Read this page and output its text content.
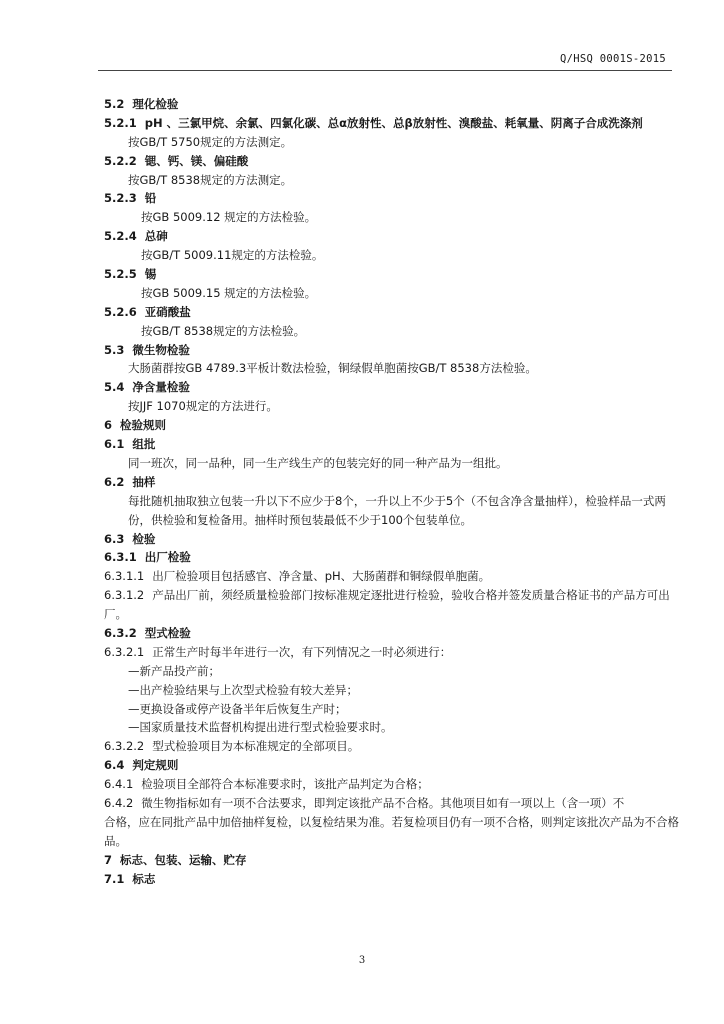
Q/HSQ 0001S-2015
5.2 理化检验
5.2.1 pH 、三氯甲烷、余氯、四氯化碳、总α放射性、总β放射性、溴酸盐、耗氧量、阴离子合成洗涤剂
按GB/T 5750规定的方法测定。
5.2.2 锶、钙、镁、偏硅酸
按GB/T 8538规定的方法测定。
5.2.3 铅
按GB 5009.12 规定的方法检验。
5.2.4 总砷
按GB/T 5009.11规定的方法检验。
5.2.5 锡
按GB 5009.15 规定的方法检验。
5.2.6 亚硝酸盐
按GB/T 8538规定的方法检验。
5.3 微生物检验
大肠菌群按GB 4789.3平板计数法检验，铜绿假单胞菌按GB/T 8538方法检验。
5.4 净含量检验
按JJF 1070规定的方法进行。
6 检验规则
6.1 组批
同一班次，同一品种，同一生产线生产的包装完好的同一种产品为一组批。
6.2 抽样
每批随机抽取独立包装一升以下不应少于8个，一升以上不少于5个（不包含净含量抽样），检验样品一式两份，供检验和复检备用。抽样时预包装最低不少于100个包装单位。
6.3 检验
6.3.1 出厂检验
6.3.1.1 出厂检验项目包括感官、净含量、pH、大肠菌群和铜绿假单胞菌。
6.3.1.2 产品出厂前，须经质量检验部门按标准规定逐批进行检验，验收合格并签发质量合格证书的产品方可出厂。
6.3.2 型式检验
6.3.2.1 正常生产时每半年进行一次，有下列情况之一时必须进行：
—新产品投产前；
—出产检验结果与上次型式检验有较大差异；
—更换设备或停产设备半年后恢复生产时；
—国家质量技术监督机构提出进行型式检验要求时。
6.3.2.2 型式检验项目为本标准规定的全部项目。
6.4 判定规则
6.4.1 检验项目全部符合本标准要求时，该批产品判定为合格；
6.4.2 微生物指标如有一项不合法要求，即判定该批产品不合格。其他项目如有一项以上（含一项）不
合格，应在同批产品中加倍抽样复检，以复检结果为准。若复检项目仍有一项不合格，则判定该批次产品为不合格品。
7 标志、包装、运输、贮存
7.1 标志
3
